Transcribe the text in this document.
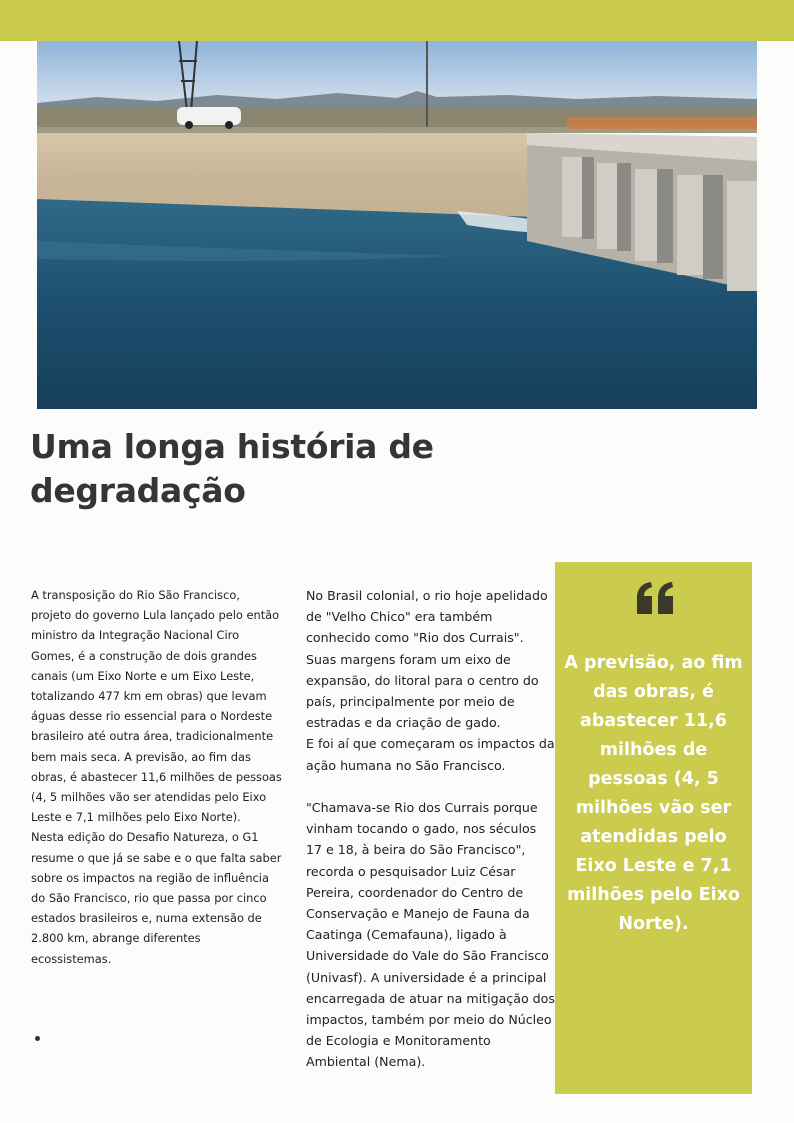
Uma longa história de degradação

A transposição do Rio São Francisco, projeto do governo Lula lançado pelo então ministro da Integração Nacional Ciro Gomes, é a construção de dois grandes canais (um Eixo Norte e um Eixo Leste, totalizando 477 km em obras) que levam águas desse rio essencial para o Nordeste brasileiro até outra área, tradicionalmente bem mais seca. A previsão, ao fim das obras, é abastecer 11,6 milhões de pessoas (4, 5 milhões vão ser atendidas pelo Eixo Leste e 7,1 milhões pelo Eixo Norte).

Nesta edição do Desafio Natureza, o G1 resume o que já se sabe e o que falta saber sobre os impactos na região de influência do São Francisco, rio que passa por cinco estados brasileiros e, numa extensão de 2.800 km, abrange diferentes ecossistemas.

No Brasil colonial, o rio hoje apelidado de "Velho Chico" era também conhecido como "Rio dos Currais". Suas margens foram um eixo de expansão, do litoral para o centro do país, principalmente por meio de estradas e da criação de gado.

E foi aí que começaram os impactos da ação humana no São Francisco.

"Chamava-se Rio dos Currais porque vinham tocando o gado, nos séculos 17 e 18, à beira do São Francisco", recorda o pesquisador Luiz César Pereira, coordenador do Centro de Conservação e Manejo de Fauna da Caatinga (Cemafauna), ligado à Universidade do Vale do São Francisco (Univasf). A universidade é a principal encarregada de atuar na mitigação dos impactos, também por meio do Núcleo de Ecologia e Monitoramento Ambiental (Nema).

A previsão, ao fim das obras, é abastecer 11,6 milhões de pessoas (4, 5 milhões vão ser atendidas pelo Eixo Leste e 7,1 milhões pelo Eixo Norte).
